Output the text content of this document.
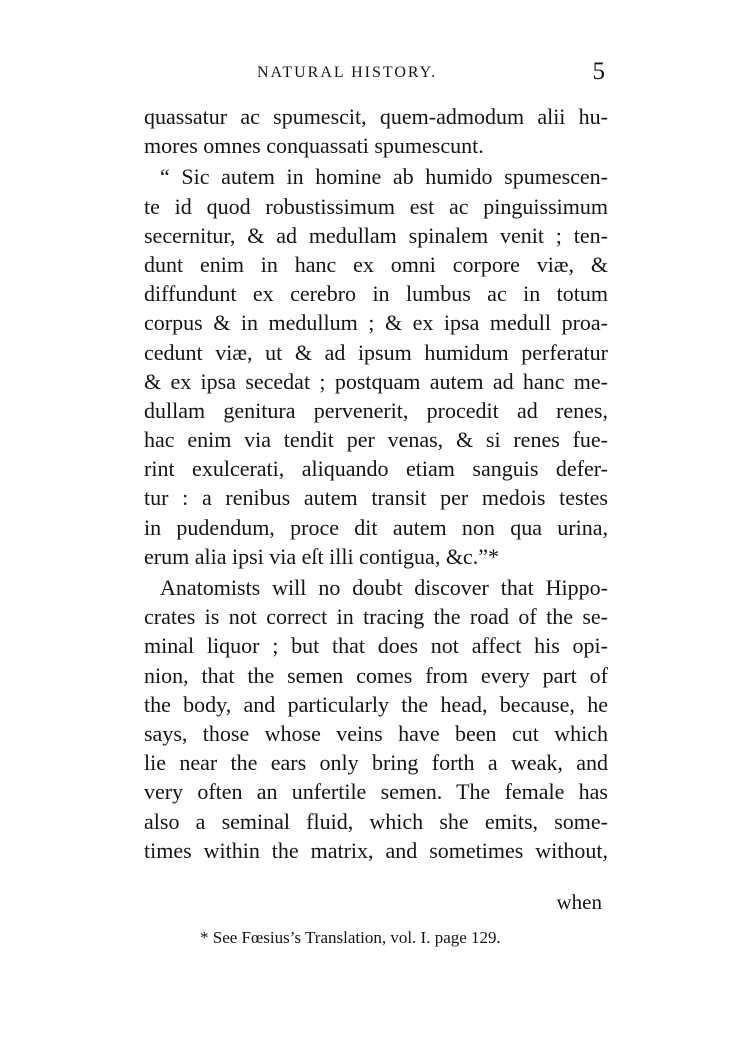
NATURAL HISTORY.	5
quassatur ac spumescit, quem-admodum alii hu-
mores omnes conquassati spumescunt.
“ Sic autem in homine ab humido spumescen-
te id quod robustissimum est ac pinguissimum
secernitur, & ad medullam spinalem venit ; ten-
dunt enim in hanc ex omni corpore viæ, &
diffundunt ex cerebro in lumbus ac in totum
corpus & in medullum ; & ex ipsa medull proa-
cedunt viæ, ut & ad ipsum humidum perferatur
& ex ipsa secedat ; postquam autem ad hanc me-
dullam genitura pervenerit, procedit ad renes,
hac enim via tendit per venas, & si renes fue-
rint exulcerati, aliquando etiam sanguis defer-
tur : a renibus autem transit per medois testes
in pudendum, proce dit autem non qua urina,
erum alia ipsi via eſt illi contigua, &c.”*
Anatomists will no doubt discover that Hippo-
crates is not correct in tracing the road of the se-
minal liquor ; but that does not affect his opi-
nion, that the semen comes from every part of
the body, and particularly the head, because, he
says, those whose veins have been cut which
lie near the ears only bring forth a weak, and
very often an unfertile semen. The female has
also a seminal fluid, which she emits, some-
times within the matrix, and sometimes without,
when
* See Fœsius’s Translation, vol. I. page 129.
